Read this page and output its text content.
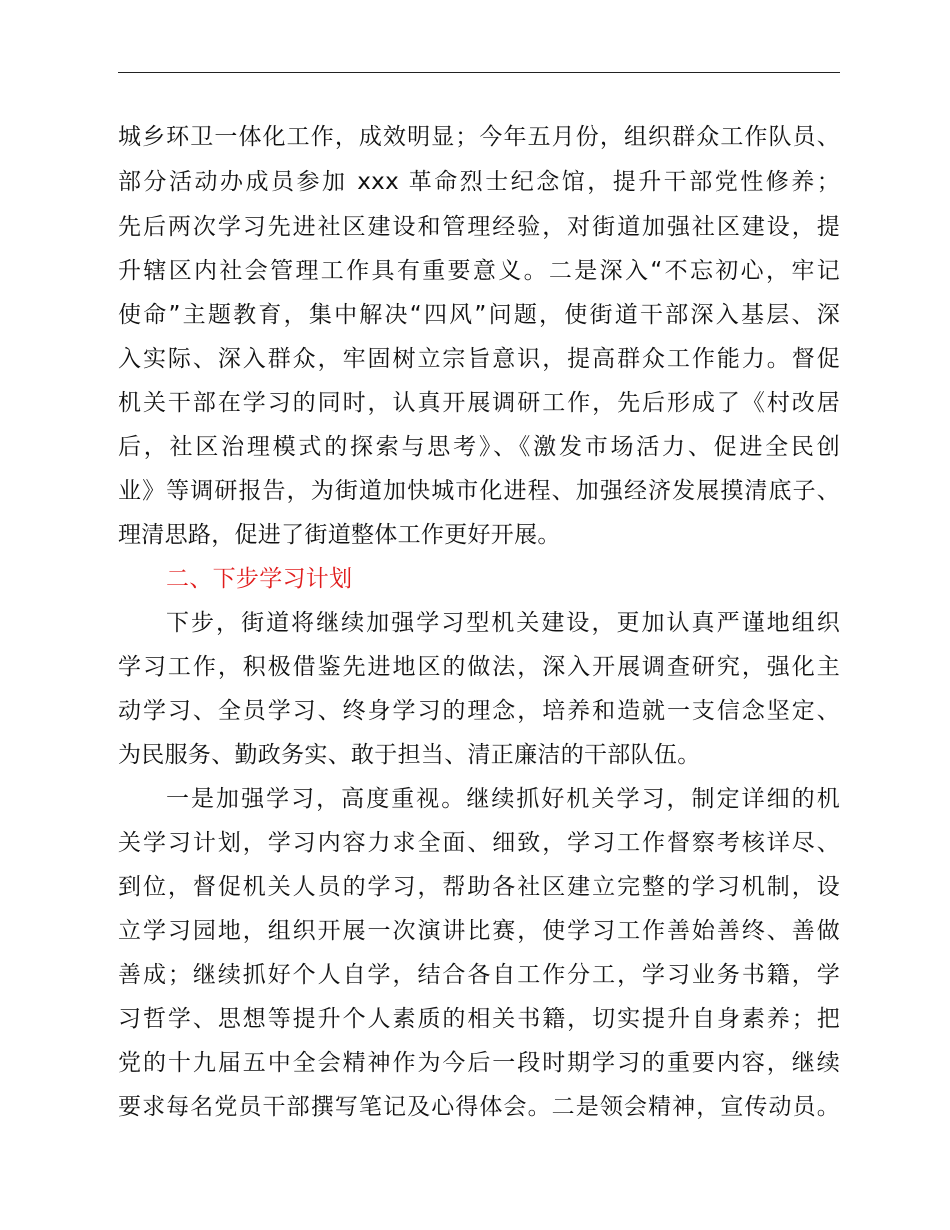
城乡环卫一体化工作，成效明显；今年五月份，组织群众工作队员、
部分活动办成员参加 xxx 革命烈士纪念馆，提升干部党性修养；
先后两次学习先进社区建设和管理经验，对街道加强社区建设，提
升辖区内社会管理工作具有重要意义。二是深入“不忘初心，牢记
使命”主题教育，集中解决“四风”问题，使街道干部深入基层、深
入实际、深入群众，牢固树立宗旨意识，提高群众工作能力。督促
机关干部在学习的同时，认真开展调研工作，先后形成了《村改居
后，社区治理模式的探索与思考》、《激发市场活力、促进全民创
业》等调研报告，为街道加快城市化进程、加强经济发展摸清底子、
理清思路，促进了街道整体工作更好开展。
二、下步学习计划
下步，街道将继续加强学习型机关建设，更加认真严谨地组织
学习工作，积极借鉴先进地区的做法，深入开展调查研究，强化主
动学习、全员学习、终身学习的理念，培养和造就一支信念坚定、
为民服务、勤政务实、敢于担当、清正廉洁的干部队伍。
一是加强学习，高度重视。继续抓好机关学习，制定详细的机
关学习计划，学习内容力求全面、细致，学习工作督察考核详尽、
到位，督促机关人员的学习，帮助各社区建立完整的学习机制，设
立学习园地，组织开展一次演讲比赛，使学习工作善始善终、善做
善成；继续抓好个人自学，结合各自工作分工，学习业务书籍，学
习哲学、思想等提升个人素质的相关书籍，切实提升自身素养；把
党的十九届五中全会精神作为今后一段时期学习的重要内容，继续
要求每名党员干部撰写笔记及心得体会。二是领会精神，宣传动员。
